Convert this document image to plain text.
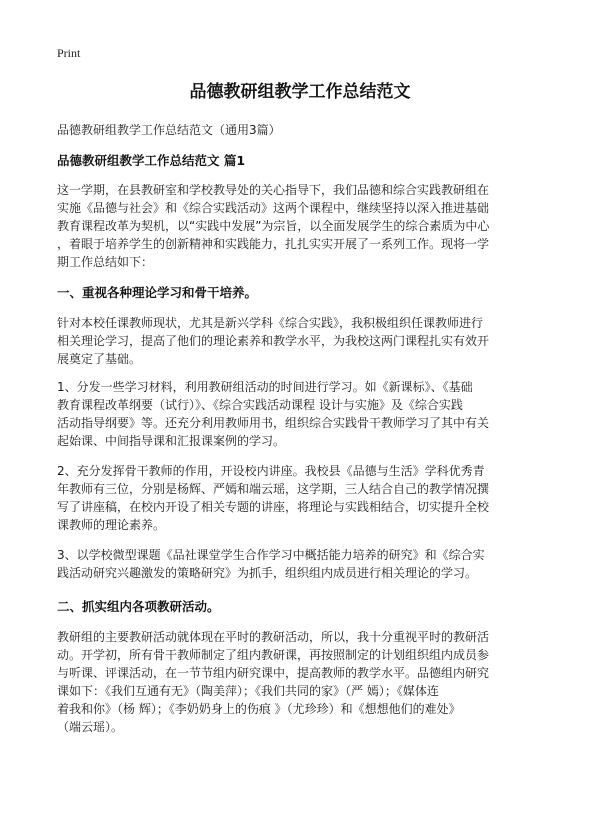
Print
品德教研组教学工作总结范文
品德教研组教学工作总结范文（通用3篇）
品德教研组教学工作总结范文 篇1
这一学期，在县教研室和学校教导处的关心指导下，我们品德和综合实践教研组在
实施《品德与社会》和《综合实践活动》这两个课程中，继续坚持以深入推进基础
教育课程改革为契机，以“实践中发展”为宗旨，以全面发展学生的综合素质为中心
，着眼于培养学生的创新精神和实践能力，扎扎实实开展了一系列工作。现将一学
期工作总结如下：
一、重视各种理论学习和骨干培养。
针对本校任课教师现状，尤其是新兴学科《综合实践》，我积极组织任课教师进行
相关理论学习，提高了他们的理论素养和教学水平，为我校这两门课程扎实有效开
展奠定了基础。
1、分发一些学习材料，利用教研组活动的时间进行学习。如《新课标》、《基础
教育课程改革纲要（试行）》、《综合实践活动课程 设计与实施》及《综合实践
活动指导纲要》等。还充分利用教师用书，组织综合实践骨干教师学习了其中有关
起始课、中间指导课和汇报课案例的学习。
2、充分发挥骨干教师的作用，开设校内讲座。我校县《品德与生活》学科优秀青
年教师有三位，分别是杨辉、严嫣和端云瑶，这学期，三人结合自己的教学情况撰
写了讲座稿，在校内开设了相关专题的讲座，将理论与实践相结合，切实提升全校
课教师的理论素养。
3、以学校微型课题《品社课堂学生合作学习中概括能力培养的研究》和《综合实
践活动研究兴趣激发的策略研究》为抓手，组织组内成员进行相关理论的学习。
二、抓实组内各项教研活动。
教研组的主要教研活动就体现在平时的教研活动，所以，我十分重视平时的教研活
动。开学初，所有骨干教师制定了组内教研课，再按照制定的计划组织组内成员参
与听课、评课活动，在一节节组内研究课中，提高教师的教学水平。品德组内研究
课如下：《我们互通有无》（陶美萍）；《我们共同的家》（严 嫣）；《媒体连
着我和你》（杨 辉）；《李奶奶身上的伤痕 》（尤珍珍）和《想想他们的难处》
（端云瑶）。
